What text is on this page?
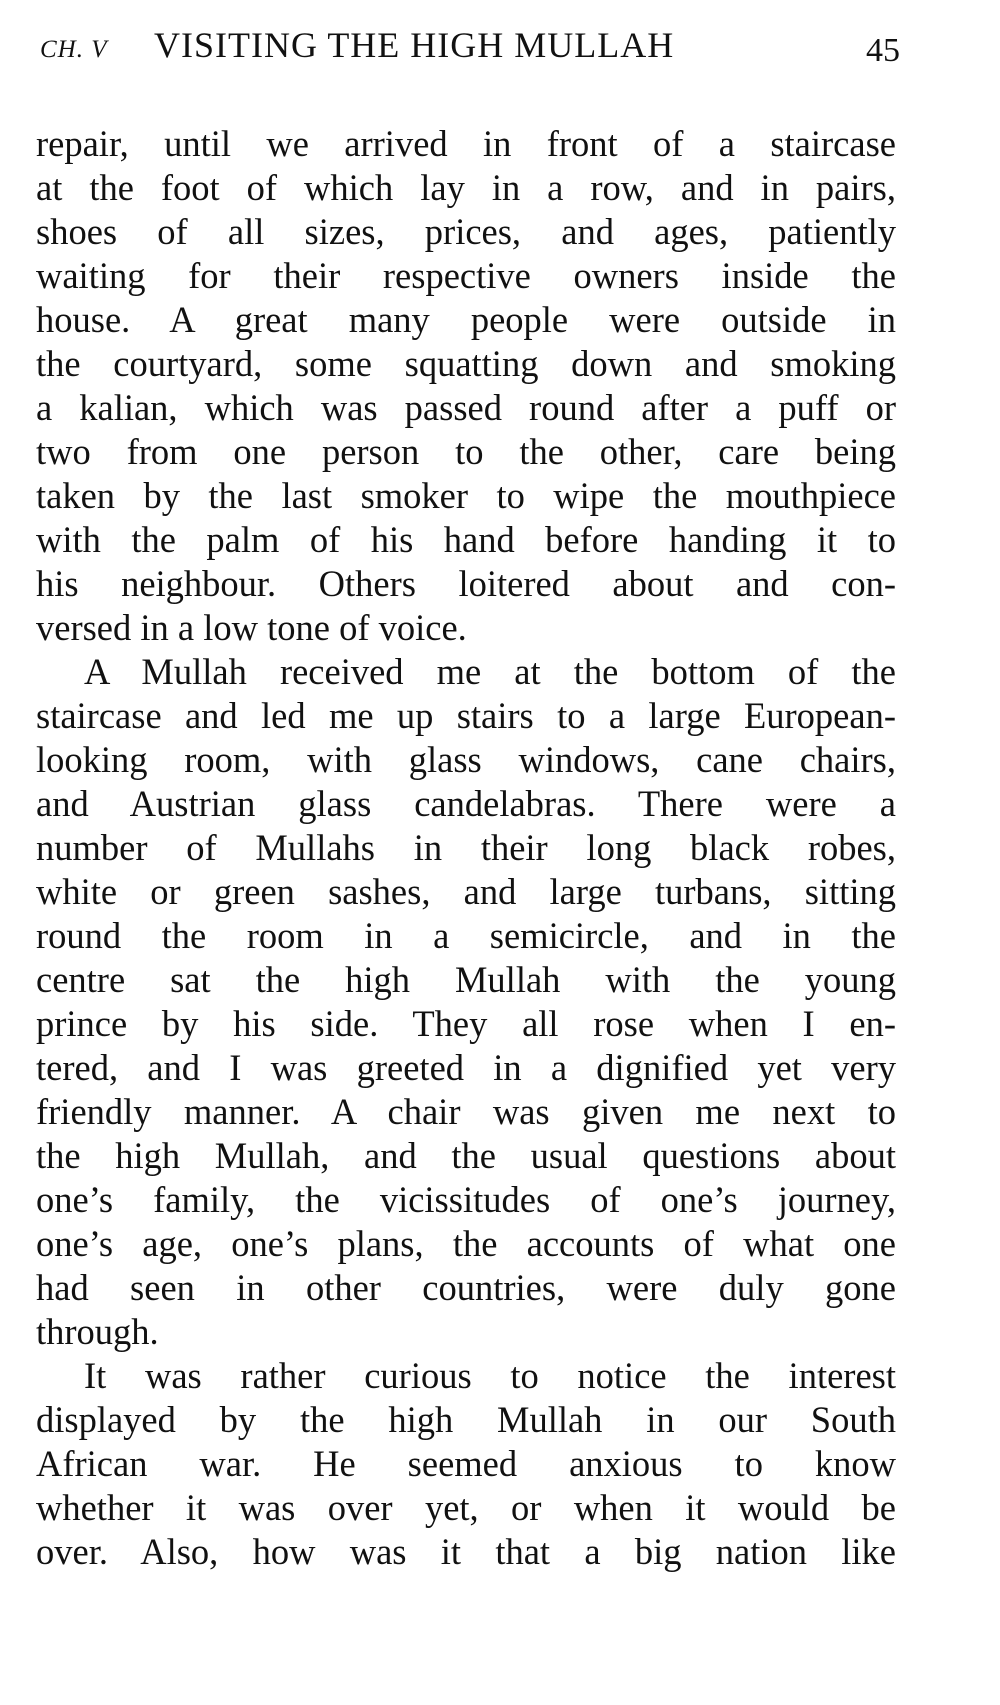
CH. V VISITING THE HIGH MULLAH	45

repair, until we arrived in front of a staircase
at the foot of which lay in a row, and in pairs,
shoes of all sizes, prices, and ages, patiently
waiting for their respective owners inside the
house. A great many people were outside in
the courtyard, some squatting down and smoking
a kalian, which was passed round after a puff or
two from one person to the other, care being
taken by the last smoker to wipe the mouthpiece
with the palm of his hand before handing it to
his neighbour. Others loitered about and con-
versed in a low tone of voice.

A Mullah received me at the bottom of the
staircase and led me up stairs to a large European-
looking room, with glass windows, cane chairs,
and Austrian glass candelabras. There were a
number of Mullahs in their long black robes,
white or green sashes, and large turbans, sitting
round the room in a semicircle, and in the
centre sat the high Mullah with the young
prince by his side. They all rose when I en-
tered, and I was greeted in a dignified yet very
friendly manner. A chair was given me next to
the high Mullah, and the usual questions about
one’s family, the vicissitudes of one’s journey,
one’s age, one’s plans, the accounts of what one
had seen in other countries, were duly gone
through.

It was rather curious to notice the interest
displayed by the high Mullah in our South
African war. He seemed anxious to know
whether it was over yet, or when it would be
over. Also, how was it that a big nation like
